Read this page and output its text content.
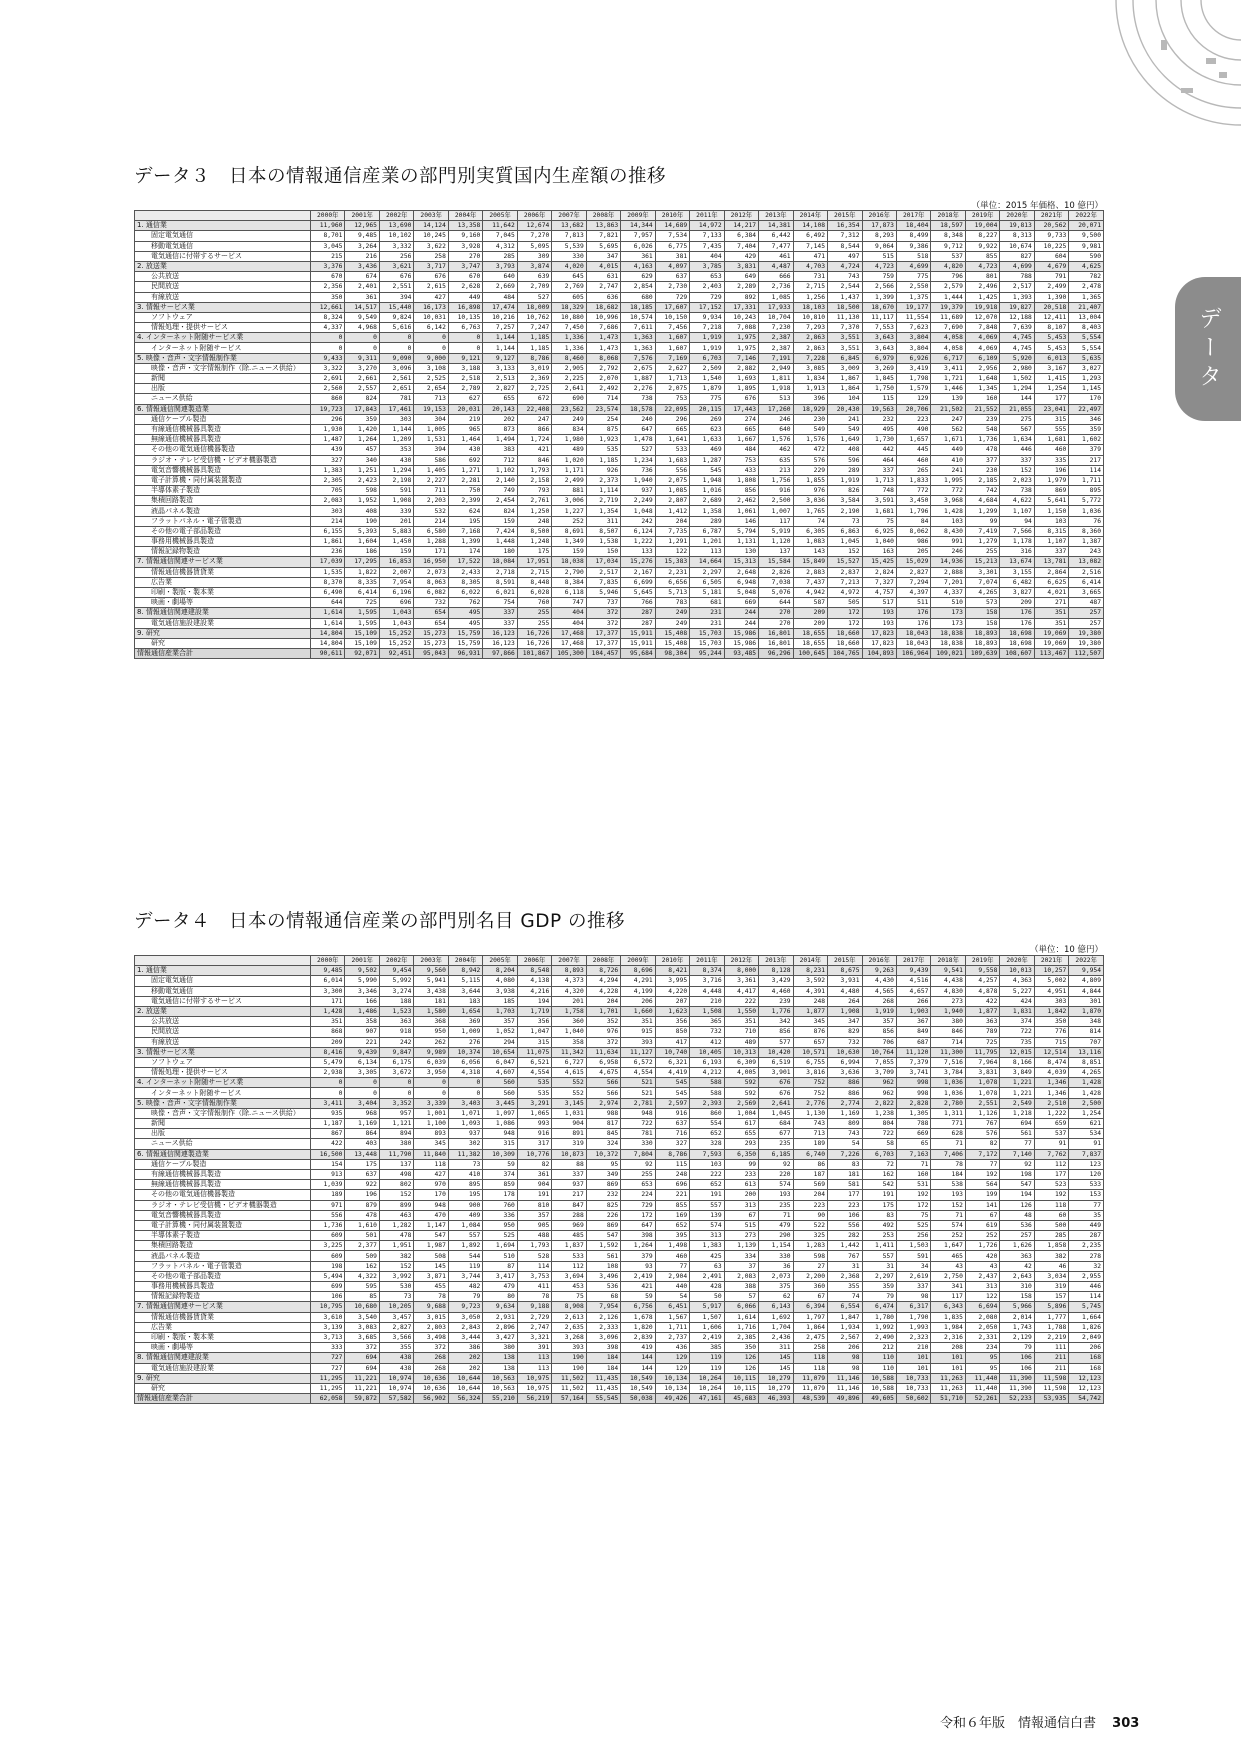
データ
データ３　日本の情報通信産業の部門別実質国内生産額の推移
（単位：2015 年価格、10 億円）
	2000年	2001年	2002年	2003年	2004年	2005年	2006年	2007年	2008年	2009年	2010年	2011年	2012年	2013年	2014年	2015年	2016年	2017年	2018年	2019年	2020年	2021年	2022年
1. 通信業	11,960	12,965	13,690	14,124	13,358	11,642	12,674	13,682	13,863	14,344	14,689	14,972	14,217	14,381	14,108	16,354	17,873	18,404	18,597	19,004	19,813	20,562	20,071
固定電気通信	8,701	9,485	10,102	10,245	9,160	7,045	7,270	7,813	7,821	7,957	7,534	7,133	6,384	6,442	6,492	7,312	8,293	8,499	8,348	8,227	8,313	9,733	9,500
移動電気通信	3,045	3,264	3,332	3,622	3,928	4,312	5,095	5,539	5,695	6,026	6,775	7,435	7,404	7,477	7,145	8,544	9,064	9,386	9,712	9,922	10,674	10,225	9,981
電気通信に付帯するサービス	215	216	256	258	270	285	309	330	347	361	381	404	429	461	471	497	515	518	537	855	827	604	590
2. 放送業	3,376	3,436	3,621	3,717	3,747	3,793	3,874	4,020	4,015	4,163	4,097	3,785	3,831	4,487	4,703	4,724	4,723	4,699	4,820	4,723	4,699	4,679	4,625
公共放送	670	674	676	676	670	640	639	645	631	629	637	653	649	666	731	743	759	775	796	801	788	791	782
民間放送	2,356	2,401	2,551	2,615	2,628	2,669	2,709	2,769	2,747	2,854	2,730	2,403	2,289	2,736	2,715	2,544	2,566	2,550	2,579	2,496	2,517	2,499	2,478
有線放送	350	361	394	427	449	484	527	605	636	680	729	729	892	1,085	1,256	1,437	1,399	1,375	1,444	1,425	1,393	1,390	1,365
3. 情報サービス業	12,661	14,517	15,440	16,173	16,898	17,474	18,009	18,329	18,682	18,185	17,607	17,152	17,331	17,933	18,103	18,500	18,670	19,177	19,379	19,918	19,827	20,518	21,407
ソフトウェア	8,324	9,549	9,824	10,031	10,135	10,216	10,762	10,880	10,996	10,574	10,150	9,934	10,243	10,704	10,810	11,130	11,117	11,554	11,689	12,070	12,188	12,411	13,004
情報処理・提供サービス	4,337	4,968	5,616	6,142	6,763	7,257	7,247	7,450	7,686	7,611	7,456	7,218	7,088	7,230	7,293	7,370	7,553	7,623	7,690	7,848	7,639	8,107	8,403
4. インターネット附随サービス業	0	0	0	0	0	1,144	1,185	1,336	1,473	1,363	1,607	1,919	1,975	2,387	2,863	3,551	3,643	3,804	4,058	4,069	4,745	5,453	5,554
インターネット附随サービス	0	0	0	0	0	1,144	1,185	1,336	1,473	1,363	1,607	1,919	1,975	2,387	2,863	3,551	3,643	3,804	4,058	4,069	4,745	5,453	5,554
5. 映像・音声・文字情報制作業	9,433	9,311	9,090	9,000	9,121	9,127	8,786	8,460	8,068	7,576	7,169	6,703	7,146	7,191	7,228	6,845	6,979	6,926	6,717	6,109	5,920	6,013	5,635
映像・音声・文字情報制作（除.ニュース供給）	3,322	3,270	3,096	3,108	3,188	3,133	3,019	2,905	2,792	2,675	2,627	2,509	2,882	2,949	3,085	3,009	3,269	3,419	3,411	2,956	2,980	3,167	3,027
新聞	2,691	2,661	2,561	2,525	2,518	2,513	2,369	2,225	2,070	1,887	1,713	1,540	1,693	1,811	1,834	1,867	1,845	1,798	1,721	1,648	1,502	1,415	1,293
出版	2,560	2,557	2,651	2,654	2,789	2,827	2,725	2,641	2,492	2,276	2,075	1,879	1,895	1,918	1,913	1,864	1,750	1,579	1,446	1,345	1,294	1,254	1,145
ニュース供給	860	824	781	713	627	655	672	690	714	738	753	775	676	513	396	104	115	129	139	160	144	177	170
6. 情報通信関連製造業	19,723	17,843	17,461	19,153	20,031	20,143	22,408	23,562	23,574	18,578	22,095	20,115	17,443	17,260	18,929	20,430	19,563	20,706	21,502	21,552	21,055	23,041	22,497
通信ケーブル製造	296	359	303	304	219	202	247	249	254	240	296	269	274	246	230	241	232	223	247	239	275	315	346
有線通信機械器具製造	1,930	1,420	1,144	1,005	965	873	866	834	875	647	665	623	665	640	549	549	495	490	562	548	567	555	359
無線通信機械器具製造	1,487	1,264	1,209	1,531	1,464	1,494	1,724	1,980	1,923	1,478	1,641	1,633	1,667	1,576	1,576	1,649	1,730	1,657	1,671	1,736	1,634	1,681	1,602
その他の電気通信機器製造	439	457	353	394	430	383	421	489	535	527	533	469	484	462	472	408	442	445	449	478	446	460	379
ラジオ・テレビ受信機・ビデオ機器製造	327	340	430	586	692	712	846	1,020	1,185	1,234	1,683	1,287	753	635	576	596	464	460	410	377	337	335	217
電気音響機械器具製造	1,383	1,251	1,294	1,405	1,271	1,102	1,793	1,171	926	736	556	545	433	213	229	289	337	265	241	230	152	196	114
電子計算機・同付属装置製造	2,305	2,423	2,198	2,227	2,281	2,140	2,158	2,499	2,373	1,940	2,075	1,948	1,808	1,756	1,855	1,919	1,713	1,833	1,995	2,185	2,023	1,979	1,711
半導体素子製造	705	598	591	711	750	749	793	881	1,114	937	1,085	1,016	856	916	976	826	748	772	772	742	738	869	895
集積回路製造	2,083	1,952	1,908	2,203	2,399	2,454	2,761	3,006	2,719	2,249	2,807	2,689	2,462	2,500	3,036	3,584	3,591	3,450	3,968	4,684	4,622	5,641	5,772
液晶パネル製造	303	408	339	532	624	824	1,250	1,227	1,354	1,048	1,412	1,358	1,061	1,007	1,765	2,190	1,681	1,796	1,428	1,299	1,107	1,150	1,036
フラットパネル・電子管製造	214	190	201	214	195	159	248	252	311	242	204	289	146	117	74	73	75	84	103	99	94	103	76
その他の電子部品製造	6,155	5,393	5,883	6,580	7,168	7,424	8,500	8,691	8,507	6,124	7,735	6,787	5,794	5,919	6,305	6,863	6,925	8,062	8,430	7,419	7,566	8,315	8,360
事務用機械器具製造	1,861	1,604	1,450	1,288	1,399	1,448	1,248	1,349	1,538	1,222	1,291	1,201	1,131	1,120	1,083	1,045	1,040	986	991	1,279	1,178	1,107	1,387
情報記録物製造	236	186	159	171	174	180	175	159	150	133	122	113	130	137	143	152	163	205	246	255	316	337	243
7. 情報通信関連サービス業	17,039	17,295	16,853	16,950	17,522	18,084	17,951	18,038	17,034	15,276	15,383	14,664	15,313	15,584	15,849	15,527	15,425	15,029	14,936	15,213	13,674	13,781	13,082
情報通信機器賃貸業	1,535	1,822	2,007	2,073	2,433	2,718	2,715	2,790	2,517	2,167	2,231	2,297	2,648	2,826	2,883	2,837	2,824	2,827	2,888	3,301	3,155	2,864	2,516
広告業	8,370	8,335	7,954	8,063	8,305	8,591	8,448	8,384	7,835	6,699	6,656	6,505	6,948	7,038	7,437	7,213	7,327	7,294	7,201	7,074	6,482	6,625	6,414
印刷・製版・製本業	6,490	6,414	6,196	6,082	6,022	6,021	6,028	6,118	5,946	5,645	5,713	5,181	5,048	5,076	4,942	4,972	4,757	4,397	4,337	4,265	3,827	4,021	3,665
映画・劇場等	644	725	696	732	762	754	760	747	737	766	783	681	669	644	587	505	517	511	510	573	209	271	487
8. 情報通信関連建設業	1,614	1,595	1,043	654	495	337	255	404	372	287	249	231	244	270	209	172	193	176	173	158	176	351	257
電気通信施設建設業	1,614	1,595	1,043	654	495	337	255	404	372	287	249	231	244	270	209	172	193	176	173	158	176	351	257
9. 研究	14,804	15,109	15,252	15,273	15,759	16,123	16,726	17,468	17,377	15,911	15,408	15,703	15,986	16,801	18,655	18,660	17,823	18,043	18,838	18,893	18,698	19,069	19,380
研究	14,804	15,109	15,252	15,273	15,759	16,123	16,726	17,468	17,377	15,911	15,408	15,703	15,986	16,801	18,655	18,660	17,823	18,043	18,838	18,893	18,698	19,069	19,380
情報通信産業合計	90,611	92,071	92,451	95,043	96,931	97,866	101,867	105,300	104,457	95,684	98,304	95,244	93,485	96,296	100,645	104,765	104,893	106,964	109,021	109,639	108,607	113,467	112,507
データ４　日本の情報通信産業の部門別名目 GDP の推移
（単位：10 億円）
	2000年	2001年	2002年	2003年	2004年	2005年	2006年	2007年	2008年	2009年	2010年	2011年	2012年	2013年	2014年	2015年	2016年	2017年	2018年	2019年	2020年	2021年	2022年
1. 通信業	9,485	9,502	9,454	9,560	8,942	8,204	8,548	8,893	8,726	8,696	8,421	8,374	8,000	8,128	8,231	8,675	9,263	9,439	9,541	9,558	10,013	10,257	9,954
固定電気通信	6,014	5,990	5,992	5,941	5,115	4,080	4,138	4,373	4,294	4,291	3,995	3,716	3,361	3,429	3,592	3,931	4,430	4,516	4,438	4,257	4,363	5,002	4,809
移動電気通信	3,300	3,346	3,274	3,438	3,644	3,938	4,216	4,320	4,228	4,199	4,220	4,448	4,417	4,460	4,391	4,480	4,565	4,657	4,830	4,878	5,227	4,951	4,844
電気通信に付帯するサービス	171	166	188	181	183	185	194	201	204	206	207	210	222	239	248	264	268	266	273	422	424	303	301
2. 放送業	1,428	1,486	1,523	1,580	1,654	1,703	1,719	1,758	1,701	1,660	1,623	1,508	1,550	1,776	1,877	1,908	1,919	1,903	1,940	1,877	1,831	1,842	1,870
公共放送	351	358	363	368	369	357	356	360	352	351	356	365	351	342	345	347	357	367	380	363	374	350	348
民間放送	868	907	918	950	1,009	1,052	1,047	1,040	976	915	850	732	710	856	876	829	856	849	846	789	722	776	814
有線放送	209	221	242	262	276	294	315	358	372	393	417	412	489	577	657	732	706	687	714	725	735	715	707
3. 情報サービス業	8,416	9,439	9,847	9,989	10,374	10,654	11,075	11,342	11,634	11,127	10,740	10,405	10,313	10,420	10,571	10,630	10,764	11,120	11,300	11,795	12,015	12,514	13,116
ソフトウェア	5,479	6,134	6,175	6,039	6,056	6,047	6,521	6,727	6,958	6,572	6,321	6,193	6,309	6,519	6,755	6,994	7,055	7,379	7,516	7,964	8,166	8,474	8,851
情報処理・提供サービス	2,938	3,305	3,672	3,950	4,318	4,607	4,554	4,615	4,675	4,554	4,419	4,212	4,005	3,901	3,816	3,636	3,709	3,741	3,784	3,831	3,849	4,039	4,265
4. インターネット附随サービス業	0	0	0	0	0	560	535	552	566	521	545	588	592	676	752	886	962	998	1,036	1,078	1,221	1,346	1,428
インターネット附随サービス	0	0	0	0	0	560	535	552	566	521	545	588	592	676	752	886	962	998	1,036	1,078	1,221	1,346	1,428
5. 映像・音声・文字情報制作業	3,411	3,404	3,352	3,339	3,403	3,445	3,291	3,145	2,974	2,781	2,597	2,393	2,569	2,641	2,776	2,774	2,822	2,828	2,780	2,551	2,549	2,510	2,500
映像・音声・文字情報制作（除.ニュース供給）	935	968	957	1,001	1,071	1,097	1,065	1,031	988	948	916	860	1,004	1,045	1,130	1,169	1,238	1,305	1,311	1,126	1,218	1,222	1,254
新聞	1,187	1,169	1,121	1,100	1,093	1,086	993	904	817	722	637	554	617	684	743	809	804	788	771	767	694	659	621
出版	867	864	894	893	937	948	916	891	845	781	716	652	655	677	713	743	722	669	628	576	561	537	534
ニュース供給	422	403	380	345	302	315	317	319	324	330	327	328	293	235	189	54	58	65	71	82	77	91	91
6. 情報通信関連製造業	16,500	13,448	11,790	11,840	11,382	10,309	10,776	10,873	10,372	7,804	8,786	7,593	6,350	6,185	6,740	7,226	6,703	7,163	7,406	7,172	7,140	7,762	7,837
通信ケーブル製造	154	175	137	118	73	59	82	88	95	92	115	103	99	92	86	83	72	71	78	77	92	112	123
有線通信機械器具製造	913	637	498	427	410	374	361	337	349	255	248	222	233	220	187	181	162	160	184	192	198	177	120
無線通信機械器具製造	1,039	922	802	970	895	859	904	937	869	653	696	652	613	574	569	581	542	531	538	564	547	523	533
その他の電気通信機器製造	189	196	152	170	195	178	191	217	232	224	221	191	200	193	204	177	191	192	193	199	194	192	153
ラジオ・テレビ受信機・ビデオ機器製造	971	879	899	948	900	760	810	847	825	729	855	557	313	235	223	223	175	172	152	141	126	118	77
電気音響機械器具製造	556	478	463	470	409	336	357	288	226	172	169	139	67	71	90	106	83	75	71	67	48	60	35
電子計算機・同付属装置製造	1,736	1,610	1,282	1,147	1,084	950	905	969	869	647	652	574	515	479	522	556	492	525	574	619	536	500	449
半導体素子製造	609	501	478	547	557	525	488	485	547	398	395	313	273	290	325	282	253	256	252	252	257	285	287
集積回路製造	3,225	2,377	1,951	1,987	1,892	1,694	1,793	1,837	1,592	1,264	1,498	1,383	1,139	1,154	1,283	1,442	1,411	1,503	1,647	1,726	1,626	1,858	2,235
液晶パネル製造	609	509	382	508	544	510	528	533	561	379	460	425	334	330	598	767	557	591	465	420	363	382	278
フラットパネル・電子管製造	198	162	152	145	119	87	114	112	108	93	77	63	37	36	27	31	31	34	43	43	42	46	32
その他の電子部品製造	5,494	4,322	3,992	3,871	3,744	3,417	3,753	3,694	3,496	2,419	2,904	2,491	2,083	2,073	2,200	2,368	2,297	2,619	2,750	2,437	2,643	3,034	2,955
事務用機械器具製造	699	595	530	455	482	479	411	453	536	421	440	428	388	375	360	355	359	337	341	313	310	319	446
情報記録物製造	106	85	73	78	79	80	78	75	68	59	54	50	57	62	67	74	79	98	117	122	158	157	114
7. 情報通信関連サービス業	10,795	10,680	10,205	9,688	9,723	9,634	9,188	8,908	7,954	6,756	6,451	5,917	6,066	6,143	6,394	6,554	6,474	6,317	6,343	6,694	5,966	5,896	5,745
情報通信機器賃貸業	3,610	3,540	3,457	3,015	3,050	2,931	2,729	2,613	2,126	1,678	1,567	1,507	1,614	1,692	1,797	1,847	1,780	1,790	1,835	2,080	2,014	1,777	1,664
広告業	3,139	3,083	2,827	2,803	2,843	2,896	2,747	2,635	2,333	1,820	1,711	1,606	1,716	1,704	1,864	1,934	1,992	1,993	1,984	2,050	1,743	1,788	1,826
印刷・製版・製本業	3,713	3,685	3,566	3,498	3,444	3,427	3,321	3,268	3,096	2,839	2,737	2,419	2,385	2,436	2,475	2,567	2,490	2,323	2,316	2,331	2,129	2,219	2,049
映画・劇場等	333	372	355	372	386	380	391	393	398	419	436	385	350	311	258	206	212	210	208	234	79	111	206
8. 情報通信関連建設業	727	694	438	268	202	138	113	190	184	144	129	119	126	145	118	98	110	101	101	95	106	211	168
電気通信施設建設業	727	694	438	268	202	138	113	190	184	144	129	119	126	145	118	98	110	101	101	95	106	211	168
9. 研究	11,295	11,221	10,974	10,636	10,644	10,563	10,975	11,502	11,435	10,549	10,134	10,264	10,115	10,279	11,079	11,146	10,588	10,733	11,263	11,440	11,390	11,598	12,123
研究	11,295	11,221	10,974	10,636	10,644	10,563	10,975	11,502	11,435	10,549	10,134	10,264	10,115	10,279	11,079	11,146	10,588	10,733	11,263	11,440	11,390	11,598	12,123
情報通信産業合計	62,058	59,872	57,582	56,902	56,324	55,210	56,219	57,164	55,545	50,038	49,426	47,161	45,683	46,393	48,539	49,896	49,605	50,602	51,710	52,261	52,233	53,935	54,742
令和６年版　情報通信白書 303
